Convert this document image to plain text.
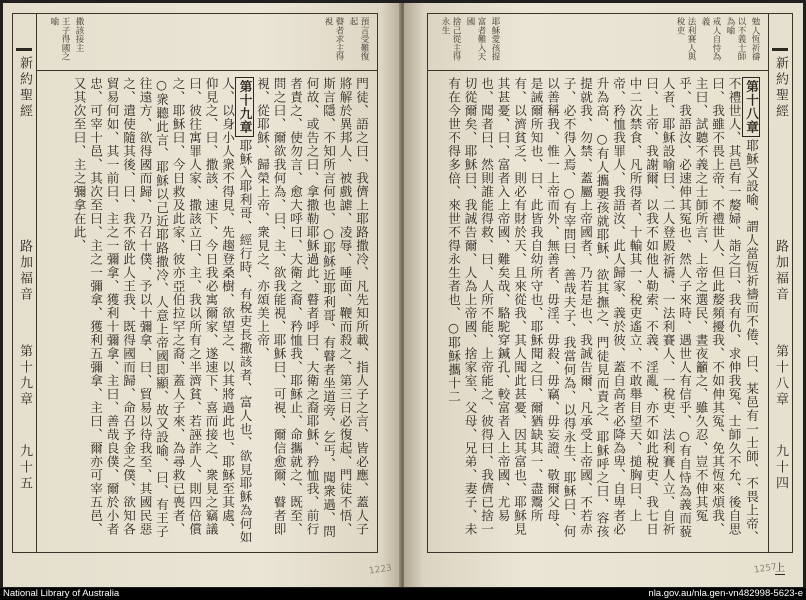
新約聖經
路加福音
第十九章
九十五
預言受難復起
瞽者求主得視
撒該接主
王子得國之喻
門徒、語之曰、我儕上耶路撒冷、凡先知所載、指人子之言、皆必應、蓋人子將解於異邦人、被戲謔、凌辱、唾面、鞭而殺之、第三日必復起、門徒不悟、斯言隱、不知所言何也、○耶穌近耶利哥、有瞽者坐道旁、乞丐、聞衆過、問何故、或告之曰、拿撒勒耶穌過此、瞽者呼曰、大衛之裔耶穌、矜恤我、前行者責之、使勿言、愈大呼曰、大衛之裔、矜恤我、耶穌止、命攜就之、既至、問之曰、爾欲我何為、曰、主、欲我能視、耶穌曰、可視、爾信愈爾、瞽者即視、從耶穌、歸榮上帝、衆見之、亦頌美上帝、
第十九章耶穌入耶利哥、經行時、有稅吏長撒該者、富人也、欲見耶穌為何如人、以身小人衆不得見、先趨登桑樹、欲望之、以其將過此也、耶穌至其處、仰見之、曰、撒該、速下、今日我必寓爾家、遂速下、喜而接之、衆見之竊議曰、彼往寓罪人家、撒該立曰、主、我以所有之半濟貧、若誣詐人、則四倍償之、耶穌曰、今日救及此家、彼亦亞伯拉罕之裔、蓋人子來、為尋救已喪者、○衆聽此言、耶穌以己近耶路撒冷、人意上帝國即顯、故又設喻、曰、有王子往遠方、欲得國而歸、乃召十僕、予以十彌拿、曰、貿易以待我至、其國民惡之、遣使隨其後、曰、我不欲此人王我、既得國而歸、命召予金之僕、欲知各貿易何如、其一前曰、主之一彌拿、獲利十彌拿、主曰、善哉良僕、爾於小者忠、可宰十邑、其次至曰、主之一彌拿、獲利五彌拿、主曰、爾亦可宰五邑、又其次至曰、主之彌拿在此、
1223
新約聖經
路加福音
第十八章
九十四
勉人恆祈禱
以不義士師為喻
戒人自恃為義
法利賽人與稅吏
耶穌愛孩提
富者難入天國
捨己從主得永生
第十八章耶穌又設喻、謂人當恆祈禱而不倦、曰、某邑有一士師、不畏上帝、不禮世人、其邑有一嫠婦、詣之曰、我有仇、求伸我冤、士師久不允、後自思曰、我雖不畏上帝、不禮世人、但此嫠頻擾我、不如伸其冤、免其恆來煩我、主曰、試聽不義之士師所言、上帝之選民、晝夜籲之、雖久忍、豈不伸其冤乎、我語汝、必速伸其冤也、然人子來時、遇世人有信乎、○有自恃為義而藐人者、耶穌設喻曰、二人登殿祈禱、一法利賽人、一稅吏、法利賽人立、自祈曰、上帝、我謝爾、以我不如他人勒索、不義、淫亂、亦不如此稅吏、我七日中二次禁食、凡所得者、十輸其一、稅吏遙立、不敢舉目望天、搥胸曰、上帝、矜恤我罪人、我語汝、此人歸家、義於彼、蓋自高者必降為卑、自卑者必升為高、○有人攜嬰孩就耶穌、欲其撫之、門徒見而責之、耶穌呼之曰、容孩提就我、勿禁、蓋屬上帝國者、乃若是也、我誠告爾、凡承受上帝國、不若赤子、必不得入焉、○有宰問曰、善哉夫子、我當何為、以得永生、耶穌曰、何以善稱我、惟一上帝而外、無善者、毋淫、毋殺、毋竊、毋妄證、敬爾父母、是誡爾所知也、曰、此皆我自幼所守也、耶穌聞之曰、爾猶缺其一、盡鬻所有、以濟貧乏、則必有財於天、且來從我、其人聞此甚憂、因其富也、耶穌見其甚憂、曰、富者入上帝國、難矣哉、駱駝穿鍼孔、較富者入上帝國、尤易也、聞者曰、然則誰能得救、曰、人所不能、上帝能之、彼得曰、我儕已捨一切從爾矣、耶穌曰、我誠告爾、人為上帝國、捨家室、父母、兄弟、妻子、未有在今世不得多倍、來世不得永生者也、○耶穌攜十二
上
1257
National Library of Australia	nla.gov.au/nla.gen-vn482998-5623-e
